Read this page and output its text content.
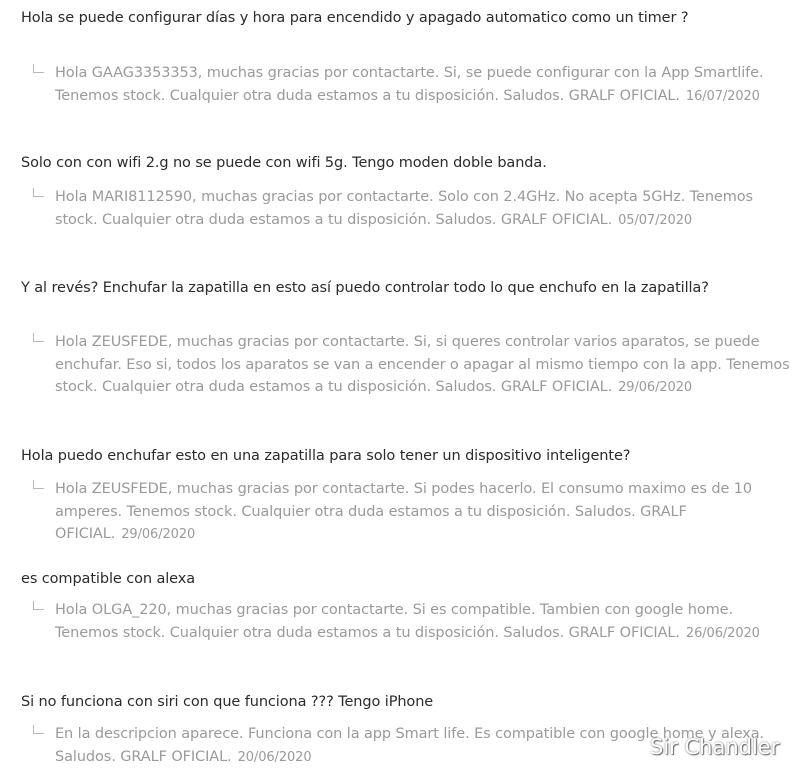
Hola se puede configurar días y hora para encendido y apagado automatico como un timer ?
Hola GAAG3353353, muchas gracias por contactarte. Si, se puede configurar con la App Smartlife. Tenemos stock. Cualquier otra duda estamos a tu disposición. Saludos. GRALF OFICIAL. 16/07/2020
Solo con con wifi 2.g no se puede con wifi 5g. Tengo moden doble banda.
Hola MARI8112590, muchas gracias por contactarte. Solo con 2.4GHz. No acepta 5GHz. Tenemos stock. Cualquier otra duda estamos a tu disposición. Saludos. GRALF OFICIAL. 05/07/2020
Y al revés? Enchufar la zapatilla en esto así puedo controlar todo lo que enchufo en la zapatilla?
Hola ZEUSFEDE, muchas gracias por contactarte. Si, si queres controlar varios aparatos, se puede enchufar. Eso si, todos los aparatos se van a encender o apagar al mismo tiempo con la app. Tenemos stock. Cualquier otra duda estamos a tu disposición. Saludos. GRALF OFICIAL. 29/06/2020
Hola puedo enchufar esto en una zapatilla para solo tener un dispositivo inteligente?
Hola ZEUSFEDE, muchas gracias por contactarte. Si podes hacerlo. El consumo maximo es de 10 amperes. Tenemos stock. Cualquier otra duda estamos a tu disposición. Saludos. GRALF OFICIAL. 29/06/2020
es compatible con alexa
Hola OLGA_220, muchas gracias por contactarte. Si es compatible. Tambien con google home. Tenemos stock. Cualquier otra duda estamos a tu disposición. Saludos. GRALF OFICIAL. 26/06/2020
Si no funciona con siri con que funciona ??? Tengo iPhone
En la descripcion aparece. Funciona con la app Smart life. Es compatible con google home y alexa. Saludos. GRALF OFICIAL. 20/06/2020	Sir Chandler
